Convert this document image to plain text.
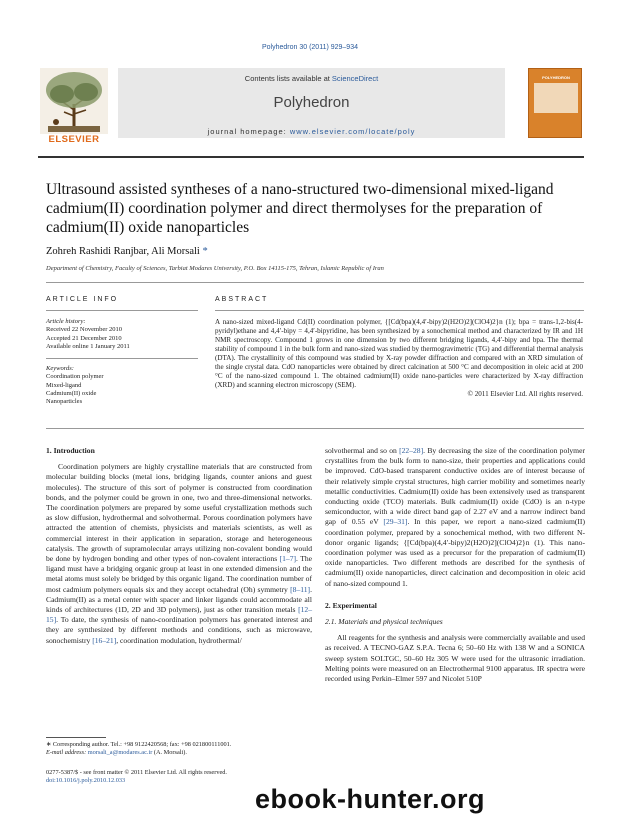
Polyhedron 30 (2011) 929–934
ELSEVIER
Contents lists available at ScienceDirect
Polyhedron
journal homepage: www.elsevier.com/locate/poly
POLYHEDRON
Ultrasound assisted syntheses of a nano-structured two-dimensional mixed-ligand cadmium(II) coordination polymer and direct thermolyses for the preparation of cadmium(II) oxide nanoparticles
Zohreh Rashidi Ranjbar, Ali Morsali *
Department of Chemistry, Faculty of Sciences, Tarbiat Modares University, P.O. Box 14115-175, Tehran, Islamic Republic of Iran
ARTICLE INFO	ABSTRACT
Article history:
Received 22 November 2010
Accepted 21 December 2010
Available online 1 January 2011
Keywords:
Coordination polymer
Mixed-ligand
Cadmium(II) oxide
Nanoparticles
A nano-sized mixed-ligand Cd(II) coordination polymer, {[Cd(bpa)(4,4′-bipy)2(H2O)2](ClO4)2}n (1); bpa = trans-1,2-bis(4-pyridyl)ethane and 4,4′-bipy = 4,4′-bipyridine, has been synthesized by a sonochemical method and characterized by IR and 1H NMR spectroscopy. Compound 1 grows in one dimension by two different bridging ligands, 4,4′-bipy and bpa. The thermal stability of compound 1 in the bulk form and nano-sized was studied by thermogravimetric (TG) and differential thermal analysis (DTA). The crystallinity of this compound was studied by X-ray powder diffraction and compared with an XRD simulation of the single crystal data. CdO nanoparticles were obtained by direct calcination at 500 °C and decomposition in oleic acid at 200 °C of the nano-sized compound 1. The obtained cadmium(II) oxide nano-particles were characterized by X-ray diffraction (XRD) and scanning electron microscopy (SEM).
© 2011 Elsevier Ltd. All rights reserved.
1. Introduction
Coordination polymers are highly crystalline materials that are constructed from molecular building blocks (metal ions, bridging ligands, counter anions and guest molecules). The structure of this sort of polymer is constructed from coordination bonds, and the polymer could be grown in one, two and three-dimensional networks. The coordination polymers are prepared by some useful crystallization methods such as slow diffusion, hydrothermal and solvothermal. Porous coordination polymers have attracted the attention of chemists, physicists and materials scientists, as well as commercial interest in their application in separation, storage and heterogeneous catalysis. The growth of supramolecular arrays utilizing non-covalent bonding would be done by hydrogen bonding and other types of non-covalent interactions [1–7]. The ligand must have a bridging organic group at least in one extended dimension and the metal atoms must solely be bridged by this organic ligand. The coordination number of most cadmium polymers equals six and they accept octahedral (Oh) symmetry [8–11]. Cadmium(II) as a metal center with spacer and linker ligands could accommodate all kinds of architectures (1D, 2D and 3D polymers), just as other transition metals [12–15]. To date, the synthesis of nano-coordination polymers has generated interest and they are synthesized by different methods and conditions, such as microwave, sonochemistry [16–21], coordination modulation, hydrothermal/
solvothermal and so on [22–28]. By decreasing the size of the coordination polymer crystallites from the bulk form to nano-size, their properties and applications could be improved. CdO-based transparent conductive oxides are of interest because of their relatively simple crystal structures, high carrier mobility and sometimes nearly metallic conductivities. Cadmium(II) oxide has been extensively used as transparent conducting oxide (TCO) materials. Bulk cadmium(II) oxide (CdO) is an n-type semiconductor, with a wide direct band gap of 2.27 eV and a narrow indirect band gap of 0.55 eV [29–31]. In this paper, we report a nano-sized cadmium(II) coordination polymer, prepared by a sonochemical method, with two different N-donor organic ligands; {[Cd(bpa)(4,4′-bipy)2(H2O)2](ClO4)2}n (1). This nano-coordination polymer was used as a precursor for the preparation of cadmium(II) oxide nanoparticles. Two different methods are described for the synthesis of cadmium(II) oxide nanoparticles, direct calcination and decomposition in oleic acid of nano-sized compound 1.
2. Experimental
2.1. Materials and physical techniques
All reagents for the synthesis and analysis were commercially available and used as received. A TECNO-GAZ S.P.A. Tecna 6; 50–60 Hz with 138 W and a SONICA sweep system SOLTGC, 50–60 Hz 305 W were used for the ultrasonic irradiation. Melting points were measured on an Electrothermal 9100 apparatus. IR spectra were recorded using Perkin–Elmer 597 and Nicolet 510P
∗ Corresponding author. Tel.: +98 9122420568; fax: +98 021800111001.
E-mail address: morsali_a@modares.ac.ir (A. Morsali).
0277-5387/$ - see front matter © 2011 Elsevier Ltd. All rights reserved.
doi:10.1016/j.poly.2010.12.033
ebook-hunter.org
